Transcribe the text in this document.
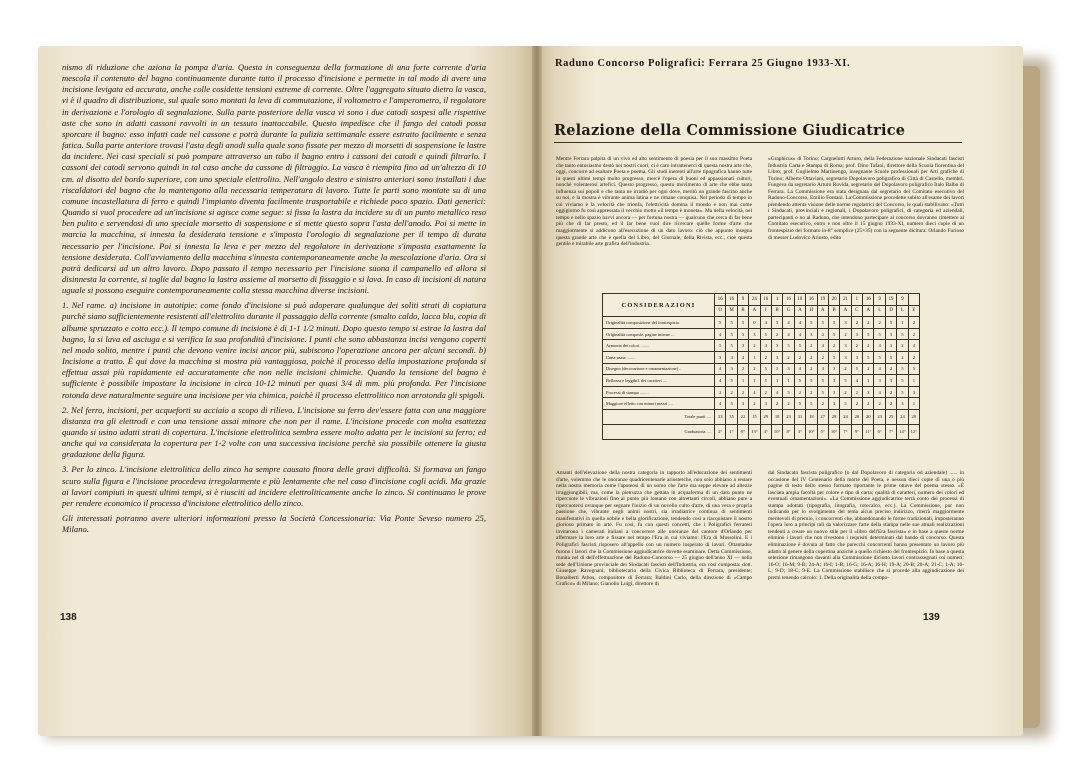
nismo di riduzione che aziona la pompa d'aria. Questa in conseguenza della formazione di una forte corrente d'aria mescola il contenuto del bagno continuamente durante tutto il processo d'incisione e permette in tal modo di avere una incisione levigata ed accurata, anche colle cosidette tensioni estreme di corrente. Oltre l'aggregato situato dietro la vasca, vi è il quadro di distribuzione, sul quale sono montati la leva di commutazione, il voltometro e l'amperometro, il regolatore in derivazione e l'orologio di segnalazione. Sulla parte posteriore della vasca vi sono i due catodi sospesi alle rispettive aste che sono in adatti cassoni ravvolti in un tessuto inattaccabile. Questo impedisce che il fango dei catodi possa sporcare il bagno: esso infatti cade nel cassone e potrà durante la pulizia settimanale essere estratto facilmente e senza fatica. Sulla parte anteriore trovasi l'asta degli anodi sulla quale sono fissate per mezzo di morsetti di sospensione le lastre da incidere. Nei casi speciali si può pompare attraverso un tubo il bagno entro i cassoni dei catodi e quindi filtrarlo. I cassoni dei catodi servono quindi in tal caso anche da cassone di filtraggio. La vasca è riempita fino ad un'altezza di 10 cm. al disotto del bordo superiore, con uno speciale elettrolito. Nell'angolo destro e sinistro anteriori sono installati i due riscaldatori del bagno che lo mantengono alla necessaria temperatura di lavoro. Tutte le parti sono montate su di una comune incastellatura di ferro e quindi l'impianto diventa facilmente trasportabile e richiede poco spazio. Dati generici: Quando si vuol procedere ad un'incisione si agisce come segue: si fissa la lastra da incidere su di un punto metallico reso ben pulito e servendosi di uno speciale morsetto di sospensione e si mette questo sopra l'asta dell'anodo. Poi si mette in marcia la macchina, si innesta la desiderata tensione e s'imposta l'orologio di segnalazione per il tempo di durata necessario per l'incisione. Poi si innesta la leva e per mezzo del regolatore in derivazione s'imposta esattamente la tensione desiderata. Coll'avviamento della macchina s'innesta contemporaneamente anche la mescolazione d'aria. Ora si potrà dedicarsi ad un altro lavoro. Dopo passato il tempo necessario per l'incisione suona il campanello ed allora si disinnesta la corrente, si toglie dal bagno la lastra assieme al morsetto di fissaggio e si lava. In caso di incisioni di natura uguale si possono eseguire contemporaneamente colla stessa macchina diverse incisioni.

1. Nel rame. a) incisione in autotipie: come fondo d'incisione si può adoperare qualunque dei soliti strati di copiatura purchè siano sufficientemente resistenti all'elettrolito durante il passaggio della corrente (smalto caldo, lacca blu, copia di albume spruzzato e cotto ecc.). Il tempo comune di incisione è di 1-1 1/2 minuti. Dopo questo tempo si estrae la lastra dal bagno, la si lava ed asciuga e si verifica la sua profondità d'incisione. I punti che sono abbastanza incisi vengono coperti nel modo solito, mentre i punti che devono venire incisi ancor più, subiscono l'operazione ancora per alcuni secondi. b) Incisione a tratto. È qui dove la macchina si mostra più vantaggiosa, poichè il processo della impostazione profonda si effettua assai più rapidamente ed accuratamente che non nelle incisioni chimiche. Quando la tensione del bagno è sufficiente è possibile impostare la incisione in circa 10-12 minuti per quasi 3/4 di mm. più profonda. Per l'incisione rotonda deve naturalmente seguire una incisione per via chimica, poichè il processo elettrolitico non arrotonda gli spigoli.

2. Nel ferro, incisioni, per acqueforti su acciaio a scopo di rilievo. L'incisione su ferro dev'essere fatta con una maggiore distanza tra gli elettrodi e con una tensione assai minore che non per il rame. L'incisione procede con molta esattezza quando si usino adatti strati di copertura. L'incisione elettrolitica sembra essere molto adatta per le incisioni su ferro; ed anche qui va considerata la copertura per 1-2 volte con una successiva incisione perchè sia possibile ottenere la giusta gradazione della figura.

3. Per lo zinco. L'incisione elettrolitica dello zinco ha sempre causato finora delle gravi difficoltà. Si formava un fango scuro sulla figura e l'incisione procedeva irregolarmente e più lentamente che nel caso d'incisione cogli acidi. Ma grazie ai lavori compiuti in questi ultimi tempi, si è riusciti ad incidere elettroliticamente anche lo zinco. Si continuano le prove per rendere economico il processo d'incisione elettrolitico dello zinco.

Gli interessati potranno avere ulteriori informazioni presso la Società Concessionaria: Via Ponte Seveso numero 25, Milano.

138
Raduno Concorso Poligrafici: Ferrara 25 Giugno 1933-XI.
Relazione della Commissione Giudicatrice

Mentre Ferrara palpita di un vivo ed alto sentimento di poesia per il suo massimo Poeta che tanto entusiasmo destò nei nostri cuori, ci è caro intrattenerci di questa nostra arte che, oggi, concorre ad esaltare Poeta e poema. Gli studi inerenti all'arte tipografica hanno tutte in questi ultimi tempi molto progresso, mercè l'opera di buoni ed appassionati cultori, nonchè volenterosi artefici. Questo progresso, questo movimento di arte che ebbe tanta influenza sui popoli e che tanta ne irradiò per ogni dove, meritò un grande fascino anche su noi, e la mostra è vibrante anima latina e ne rimane conquisa. Nel periodo di tempo in cui viviamo è la velocità che trionfa, l'elettricità domina il mondo e non mai come oggigiorno fu così appressata il vecchio motto «il tempo è moneta». Ma nella velocità, nel tempo e nello spazio havvi ancora — per fortuna nostra — qualcuno che cerca di far bene più che di far presto, ed il far bene vuol dire ricercare quelle forme d'arte che maggiormente si addicono all'esecuzione di un dato lavoro: ciò che appunto insegna questa grande arte che è quella del Libro, del Giornale, della Rivista, ecc., cioè questa gentile e mirabile arte grafica dell'industria.

«Graphicus» di Torino; Cargnelutti Arturo, della Federazione nazionale Sindacati fascisti Industria Carta e Stampa di Roma; prof. Dino Tafani, direttore della Scuola fiorentina del Libro; prof. Guglielmo Martinengo, insegnante Scuole professionali per Arti grafiche di Torino; Alberto Ottaviani, segretario Dopolavoro poligrafico di Città di Castello, membri. Fungeva da segretario Arturo Rovida, segretario del Dopolavoro poligrafico Italo Balbo di Ferrara. La Commissione era stata designata dal segretario del Comitato esecutivo del Raduno-Concorso, Emilio Fontani. La Commissione procedette subito all'esame dei lavori prendendo attenta visione delle norme regolatrici del Concorso, le quali stabilivano: «Tutti i Sindacati, provinciali e regionali, i Dopolavoro poligrafici, di categoria ed aziendali, partecipanti o no al Raduno, che intendono partecipare al concorso dovranno rimettere al Comitato esecutivo, entro e non oltre il 15 giugno 1933-XI, numero dieci copie di un frontespizio del formato in-8° semplice (25×35) con la seguente dicitura: Orlando Furioso di messer Ludovico Ariosto, edito

CONSIDERAZIONI	16	16	9	24	16	1	16	18	16	19	20	21	1	16	9	19	9	
	O	M	B	A	I	B	G	A	H	A	B	A	C	A	L	D	L	E
Originalità composizione del frontespizio.	5	5	5	0	4	5	4	4	5	5	5	3	2	2	2	5	1	2
Originalità composiz. pagine interne ...	4	5	5	3	5	2	4	4	3	2	5	2	3	5	5	3	5	2
Armonia dei colori ........	5	5	3	2	4	3	5	5	2	4	2	3	2	2	4	3	2	4
Carta usata ........	3	3	4	1	2	3	2	2	2	2	5	3	3	5	5	5	2	2
Disegno (decorazione e ornamentazione) ..	4	3	2	2	5	2	3	4	2	4	3	2	5	2	4	2	5	5
Bellezza e leggibil. dei caratteri ....	4	5	1	1	5	1	1	5	5	5	3	5	4	1	3	3	5	1
Processi di stampa ........	2	2	2	4	2	4	5	2	2	5	3	2	2	3	4	2	5	3
Maggiore effetto con minori mezzi ....	4	5	3	2	3	2	2	5	5	2	3	5	2	2	2	2	3	1
Totale punti ....	33	35	22	15	29	18	23	31	18	27	28	24	20	20	23	25	24	20
Graduatoria ....	2°	1°	9°	13°	4°	10°	8°	3°	10°	5°	10°	7°	9°	11°	6°	7°	14°	12°

Amanti dell'elevazione della nostra categoria in rapporto all'educazione dei sentimenti d'arte, volemmo che le onoranze quadricentenarie ariostesche, non solo abbiano a restare nella nostra memoria come l'apoteosi di un uomo che l'arte ma seppe elevare ad altezze irraggiungibili, ma, come la pietruzza che gettata in acquaferma di un dato punto ne ripercuote le vibrazioni fino al punto più lontano con altrettanti circoli, abbiano pure a ripercuotersi ovunque per segnare l'inizio di un novello culto d'arte, di una vera e propria passione che, vibrante negli animi nostri, sia irradiatrice continua di sentimenti manifestativi in quella nobile e bella glorificazione, tendendo così a riacquistare il nostro glorioso primato in arte. Fu così, fu con questi concetti, che i Poligrafici ferraresi invitarono i camerati italiani a concorrere alle onoranze del cantore d'Orlando per affermare la loro arte e fissare nel tempo l'Era in cui viviamo: l'Era di Mussolini. E i Poligrafici fascisti risposero all'appello con un numero insperato di lavori. Ottantadue furono i lavori che la Commissione aggiudicatrice dovette esaminare. Detta Commissione, riunita nel dì dell'effettuazione del Raduno-Concorso — 25 giugno dell'anno XI — nella sede dell'Unione provinciale dei Sindacati fascisti dell'Industria, era così composta: dott. Giuseppe Ravegnani, bibliotecario della Civica Biblioteca di Ferrara, presidente; Bonalberti Athos, compositore di Ferrara; Baldini Carlo, della direzione di «Campo Grafico» di Milano; Gianolio Luigi, direttore di

dal Sindacato fascista poligrafico (o dal Dopolavoro di categoria od aziendale) ...... in occasione del IV Centenario della morte del Poeta, e nessun dieci copie di una o più pagine di testo dello stesso formato riportante le prime ottave del poema stesso. «È lasciata ampia facoltà per colore e tipo di carta; qualità di caratteri, numero dei colori ed eventuali ornamentazioni». «La Commissione aggiudicatrice terrà conto dei processi di stampa adottati (tipografia, litografia, rotocalco, ecc.). La Commissione, pur non indicando per lo svolgimento del tema alcun preciso indirizzo, riterrà maggiormente meritevoli di premio, i concorrenti che, abbandonando le forme tradizionali, imposteranno l'opera loro a principi tali da valorizzare l'arte della stampa nelle sue attuali realizzazioni tendenti a creare un nuovo stile per il «libro dell'Era fascista» e in base a queste norme eliminò i lavori che non rivestono i requisiti determinati dal bando di concorso. Questa eliminazione è dovuta al fatto che parecchi concorrenti hanno presentato un lavoro più adatto al genere della copertina anzichè a quello richiesto del frontespizio. In base a questa selezione rimangono davanti alla Commissione diciotto lavori contrassegnati coi numeri: 16-O; 16-M; 9-B; 24-A; 16-I; 1-B; 16-G; 16-A; 16-H; 19-A; 20-B; 20-A; 21-C; 1-A; 16-L; 9-D; 18-C; 9-E. La Commissione stabilisce che si procede alla aggiudicazione dei premi tenendo calcolo: 1. Della originalità della compo-

139
